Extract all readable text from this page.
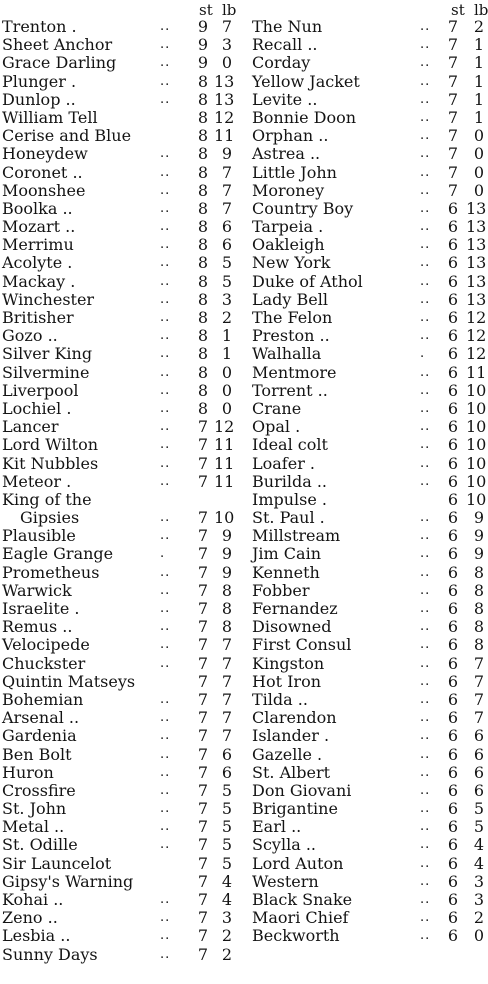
st lb
Trenton .	.. 9 7
Sheet Anchor	.. 9 3
Grace Darling	.. 9 0
Plunger .	.. 8 13
Dunlop ..	.. 8 13
William Tell	8 12
Cerise and Blue	8 11
Honeydew	.. 8 9
Coronet ..	.. 8 7
Moonshee	.. 8 7
Boolka ..	.. 8 7
Mozart ..	.. 8 6
Merrimu	.. 8 6
Acolyte .	.. 8 5
Mackay .	.. 8 5
Winchester	.. 8 3
Britisher	.. 8 2
Gozo ..	.. 8 1
Silver King	.. 8 1
Silvermine	.. 8 0
Liverpool	.. 8 0
Lochiel .	.. 8 0
Lancer	.. 7 12
Lord Wilton	.. 7 11
Kit Nubbles	.. 7 11
Meteor .	.. 7 11
King of the
Gipsies	.. 7 10
Plausible	.. 7 9
Eagle Grange	. 7 9
Prometheus	.. 7 9
Warwick	.. 7 8
Israelite .	.. 7 8
Remus ..	.. 7 8
Velocipede	.. 7 7
Chuckster	.. 7 7
Quintin Matseys	7 7
Bohemian	.. 7 7
Arsenal ..	.. 7 7
Gardenia	.. 7 7
Ben Bolt	.. 7 6
Huron	.. 7 6
Crossfire	.. 7 5
St. John	.. 7 5
Metal ..	.. 7 5
St. Odille	.. 7 5
Sir Launcelot	7 5
Gipsy's Warning	7 4
Kohai ..	.. 7 4
Zeno ..	.. 7 3
Lesbia ..	.. 7 2
Sunny Days	.. 7 2
st lb
The Nun	.. 7 2
Recall ..	.. 7 1
Corday	.. 7 1
Yellow Jacket	.. 7 1
Levite ..	.. 7 1
Bonnie Doon	.. 7 1
Orphan ..	.. 7 0
Astrea ..	.. 7 0
Little John	.. 7 0
Moroney	.. 7 0
Country Boy	.. 6 13
Tarpeia .	.. 6 13
Oakleigh	.. 6 13
New York	.. 6 13
Duke of Athol	.. 6 13
Lady Bell	.. 6 13
The Felon	.. 6 12
Preston ..	.. 6 12
Walhalla	. 6 12
Mentmore	.. 6 11
Torrent ..	.. 6 10
Crane	.. 6 10
Opal .	.. 6 10
Ideal colt	.. 6 10
Loafer .	.. 6 10
Burilda ..	.. 6 10
Impulse .	6 10
St. Paul .	.. 6 9
Millstream	.. 6 9
Jim Cain	.. 6 9
Kenneth	.. 6 8
Fobber	.. 6 8
Fernandez	.. 6 8
Disowned	.. 6 8
First Consul	.. 6 8
Kingston	.. 6 7
Hot Iron	.. 6 7
Tilda ..	.. 6 7
Clarendon	.. 6 7
Islander .	.. 6 6
Gazelle .	.. 6 6
St. Albert	.. 6 6
Don Giovani	.. 6 6
Brigantine	.. 6 5
Earl ..	.. 6 5
Scylla ..	.. 6 4
Lord Auton	.. 6 4
Western	.. 6 3
Black Snake	.. 6 3
Maori Chief	.. 6 2
Beckworth	.. 6 0
